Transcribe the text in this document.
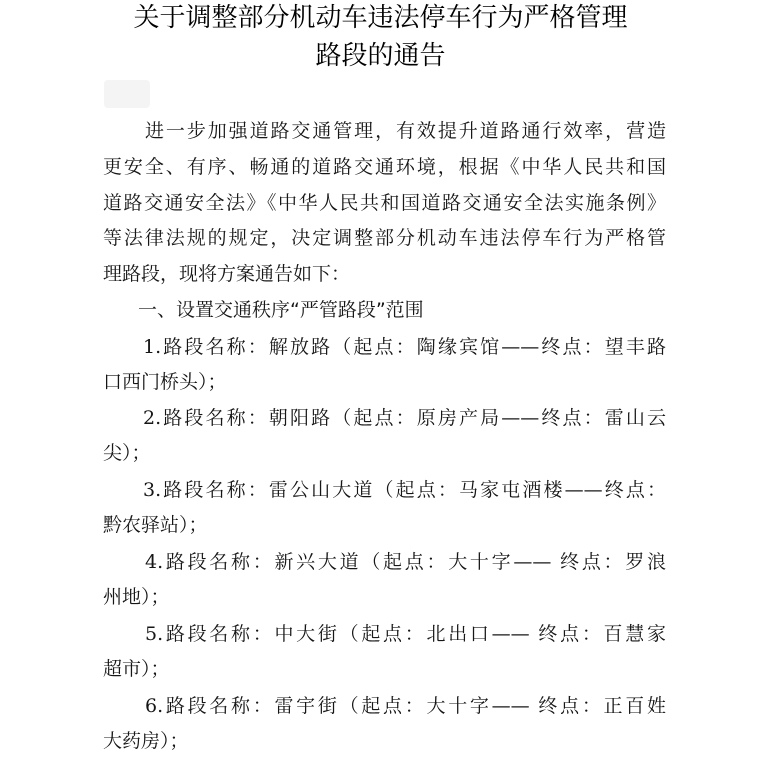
关于调整部分机动车违法停车行为严格管理
路段的通告
进一步加强道路交通管理，有效提升道路通行效率，营造
更安全、有序、畅通的道路交通环境，根据《中华人民共和国
道路交通安全法》《中华人民共和国道路交通安全法实施条例》
等法律法规的规定，决定调整部分机动车违法停车行为严格管
理路段，现将方案通告如下：
一、设置交通秩序“严管路段”范围
1.路段名称：解放路（起点：陶缘宾馆——终点：望丰路
口西门桥头）；
2.路段名称：朝阳路（起点：原房产局——终点：雷山云
尖）；
3.路段名称：雷公山大道（起点：马家屯酒楼——终点：
黔农驿站）；
4.路段名称：新兴大道（起点：大十字—— 终点：罗浪
州地）；
5.路段名称：中大街（起点：北出口—— 终点：百慧家
超市）；
6.路段名称：雷宇街（起点：大十字—— 终点：正百姓
大药房）；
